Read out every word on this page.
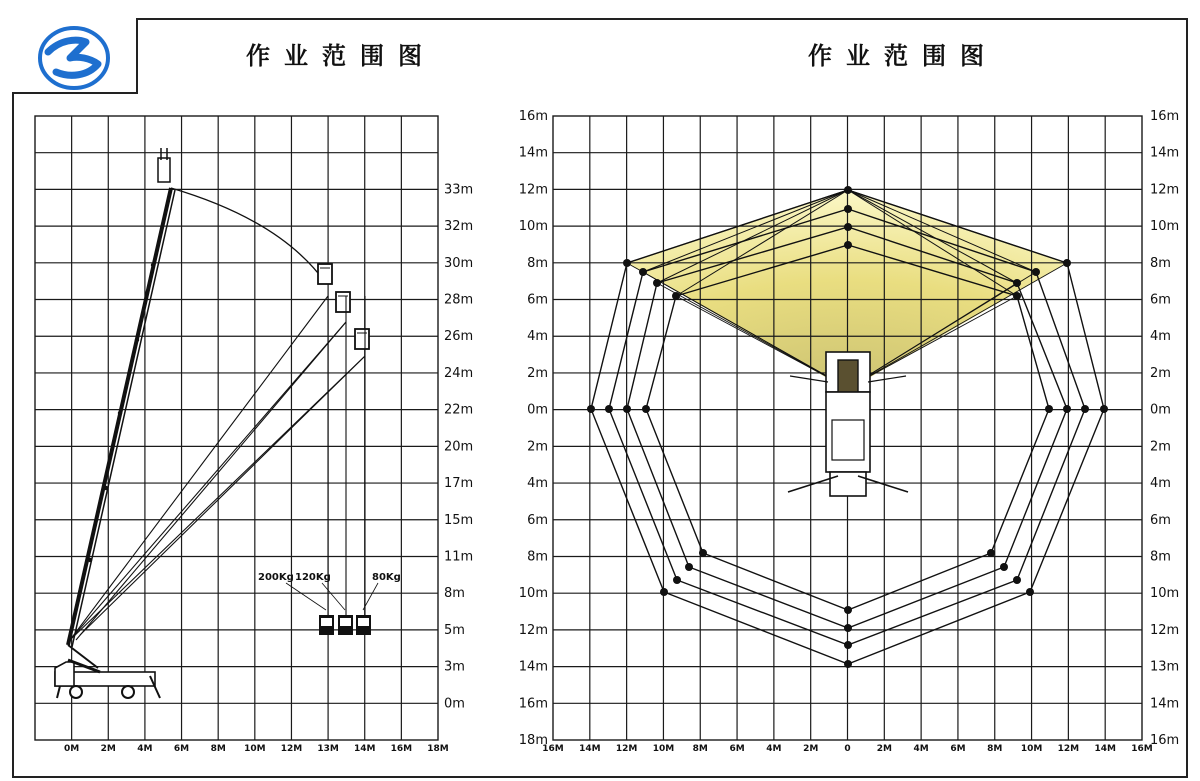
作业范围图	作业范围图
200Kg 120Kg	80Kg
33m
32m
30m
28m
26m
24m
22m
20m
17m
15m
11m
8m
5m
3m
0m
0M 2M 4M 6M 8M 10M 12M 13M 14M 16M 18M
16m
14m
12m
10m
8m
6m
4m
2m
0m
2m
4m
6m
8m
10m
12m
14m
16m
18m
16m
14m
12m
10m
8m
6m
4m
2m
0m
2m
4m
6m
8m
10m
12m
13m
14m
16m
16M 14M 12M 10M 8M 6M 4M 2M	0	2M 4M 6M 8M 10M 12M 14M 16M
